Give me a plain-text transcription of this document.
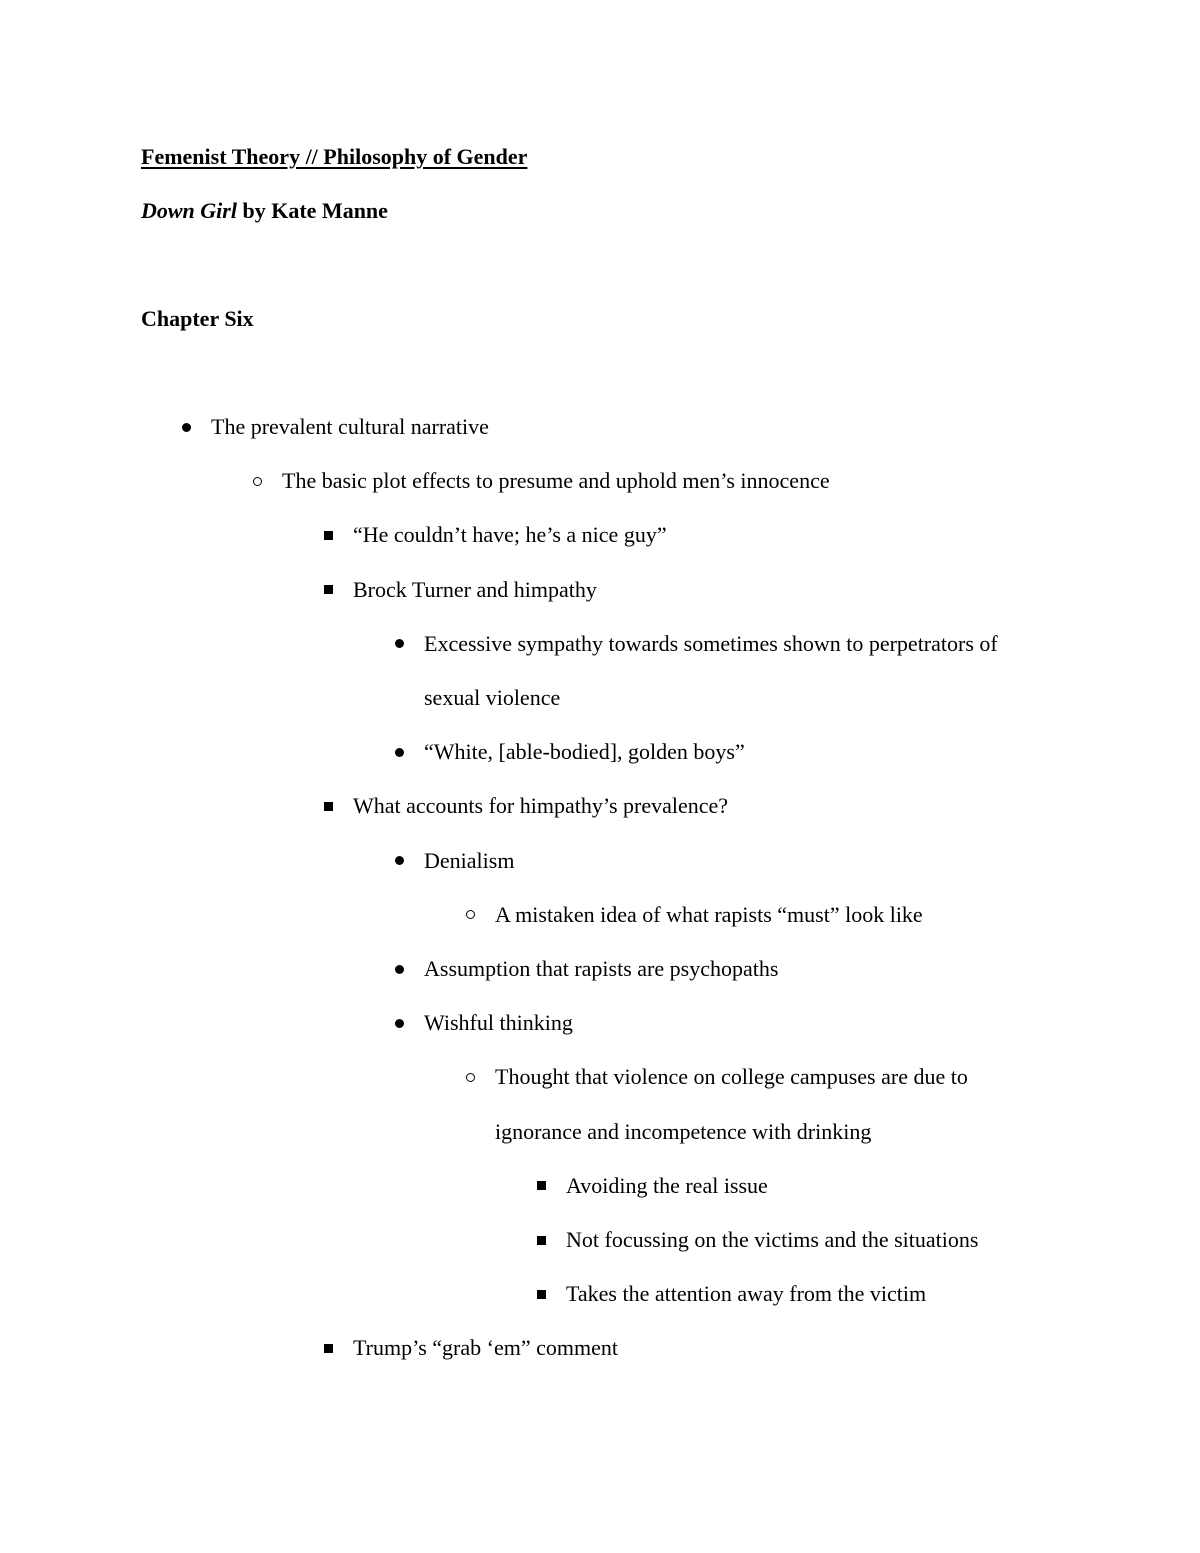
Femenist Theory // Philosophy of Gender
Down Girl by Kate Manne
Chapter Six
The prevalent cultural narrative
The basic plot effects to presume and uphold men’s innocence
“He couldn’t have; he’s a nice guy”
Brock Turner and himpathy
Excessive sympathy towards sometimes shown to perpetrators of
sexual violence
“White, [able-bodied], golden boys”
What accounts for himpathy’s prevalence?
Denialism
A mistaken idea of what rapists “must” look like
Assumption that rapists are psychopaths
Wishful thinking
Thought that violence on college campuses are due to
ignorance and incompetence with drinking
Avoiding the real issue
Not focussing on the victims and the situations
Takes the attention away from the victim
Trump’s “grab ‘em” comment
